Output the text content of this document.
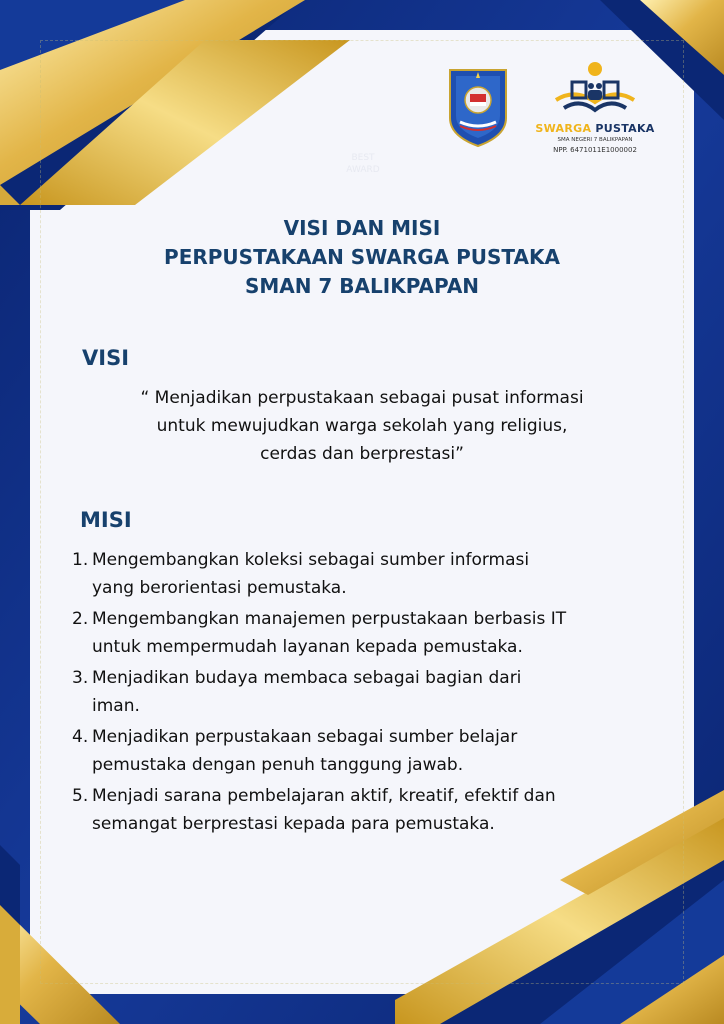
SWARGA PUSTAKA
SMA NEGERI 7 BALIKPAPAN
NPP. 6471011E1000002
BEST
AWARD
VISI DAN MISI
PERPUSTAKAAN SWARGA PUSTAKA
SMAN 7 BALIKPAPAN
VISI
“ Menjadikan perpustakaan sebagai pusat informasi
untuk mewujudkan warga sekolah yang religius,
cerdas dan berprestasi”
MISI
1. Mengembangkan koleksi sebagai sumber informasi
yang berorientasi pemustaka.
2. Mengembangkan manajemen perpustakaan berbasis IT
untuk mempermudah layanan kepada pemustaka.
3. Menjadikan budaya membaca sebagai bagian dari
iman.
4. Menjadikan perpustakaan sebagai sumber belajar
pemustaka dengan penuh tanggung jawab.
5. Menjadi sarana pembelajaran aktif, kreatif, efektif dan
semangat berprestasi kepada para pemustaka.
